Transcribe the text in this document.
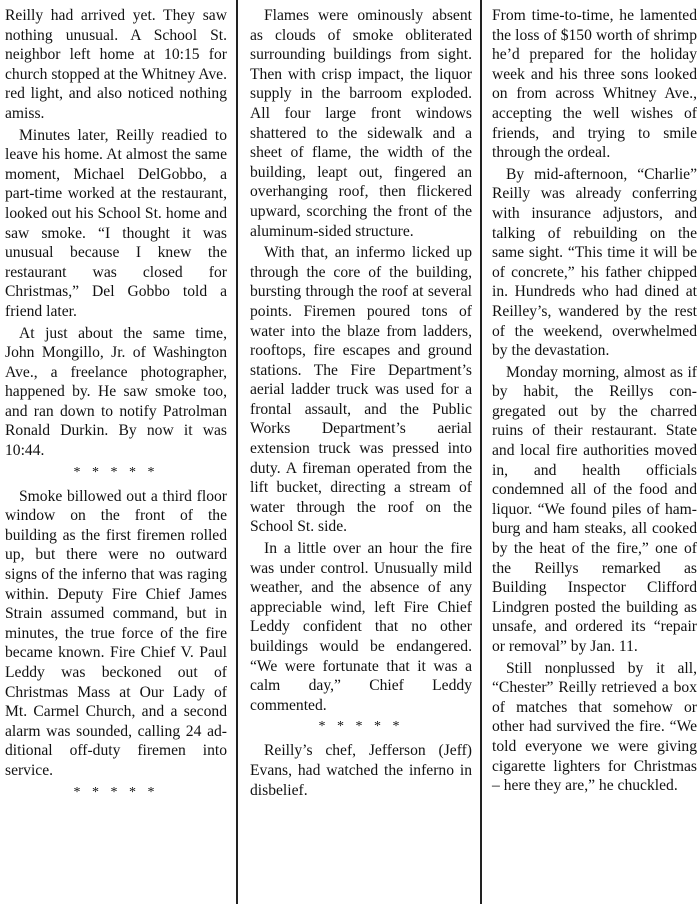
Reilly had arrived yet. They saw nothing unusual. A School St. neighbor left home at 10:15 for church stopped at the Whitney Ave. red light, and also noticed nothing amiss.

Minutes later, Reilly readied to leave his home. At almost the same moment, Michael DelGobbo, a part-time worked at the restaurant, looked out his School St. home and saw smoke. “I thought it was unusual because I knew the restaurant was closed for Christmas,” Del Gobbo told a friend later.

At just about the same time, John Mongillo, Jr. of Washington Ave., a freelance photographer, happened by. He saw smoke too, and ran down to notify Patrolman Ronald Durkin. By now it was 10:44.

* * * * *

Smoke billowed out a third floor window on the front of the building as the first firemen rolled up, but there were no outward signs of the inferno that was raging within. Deputy Fire Chief James Strain assumed command, but in minutes, the true force of the fire became known. Fire Chief V. Paul Leddy was beckoned out of Christmas Mass at Our Lady of Mt. Carmel Church, and a second alarm was sounded, calling 24 additional off-duty firemen into service.

* * * * *

Flames were ominously absent as clouds of smoke obliterated surrounding buildings from sight. Then with crisp impact, the liquor supply in the barroom exploded. All four large front windows shattered to the sidewalk and a sheet of flame, the width of the building, leapt out, fingered an overhanging roof, then flickered upward, scorching the front of the aluminum-sided structure.

With that, an infermo licked up through the core of the building, bursting through the roof at several points. Firemen poured tons of water into the blaze from ladders, rooftops, fire escapes and ground stations. The Fire Department’s aerial ladder truck was used for a frontal assault, and the Public Works Department’s aerial extension truck was pressed into duty. A fireman operated from the lift bucket, directing a stream of water through the roof on the School St. side.

In a little over an hour the fire was under control. Unusually mild weather, and the absence of any appreciable wind, left Fire Chief Leddy confident that no other buildings would be endangered. “We were fortunate that it was a calm day,” Chief Leddy commented.

* * * * *

Reilly’s chef, Jefferson (Jeff) Evans, had watched the inferno in disbelief.

From time-to-time, he lamented the loss of $150 worth of shrimp he’d prepared for the holiday week and his three sons looked on from across Whitney Ave., accepting the well wishes of friends, and trying to smile through the ordeal.

By mid-afternoon, “Charlie” Reilly was already conferring with insurance adjustors, and talking of rebuilding on the same sight. “This time it will be of concrete,” his father chipped in. Hundreds who had dined at Reilley’s, wandered by the rest of the weekend, overwhelmed by the devastation.

Monday morning, almost as if by habit, the Reillys congregated out by the charred ruins of their restaurant. State and local fire authorities moved in, and health officials condemned all of the food and liquor. “We found piles of hamburg and ham steaks, all cooked by the heat of the fire,” one of the Reillys remarked as Building Inspector Clifford Lindgren posted the building as unsafe, and ordered its “repair or removal” by Jan. 11.

Still nonplussed by it all, “Chester” Reilly retrieved a box of matches that somehow or other had survived the fire. “We told everyone we were giving cigarette lighters for Christmas – here they are,” he chuckled.
